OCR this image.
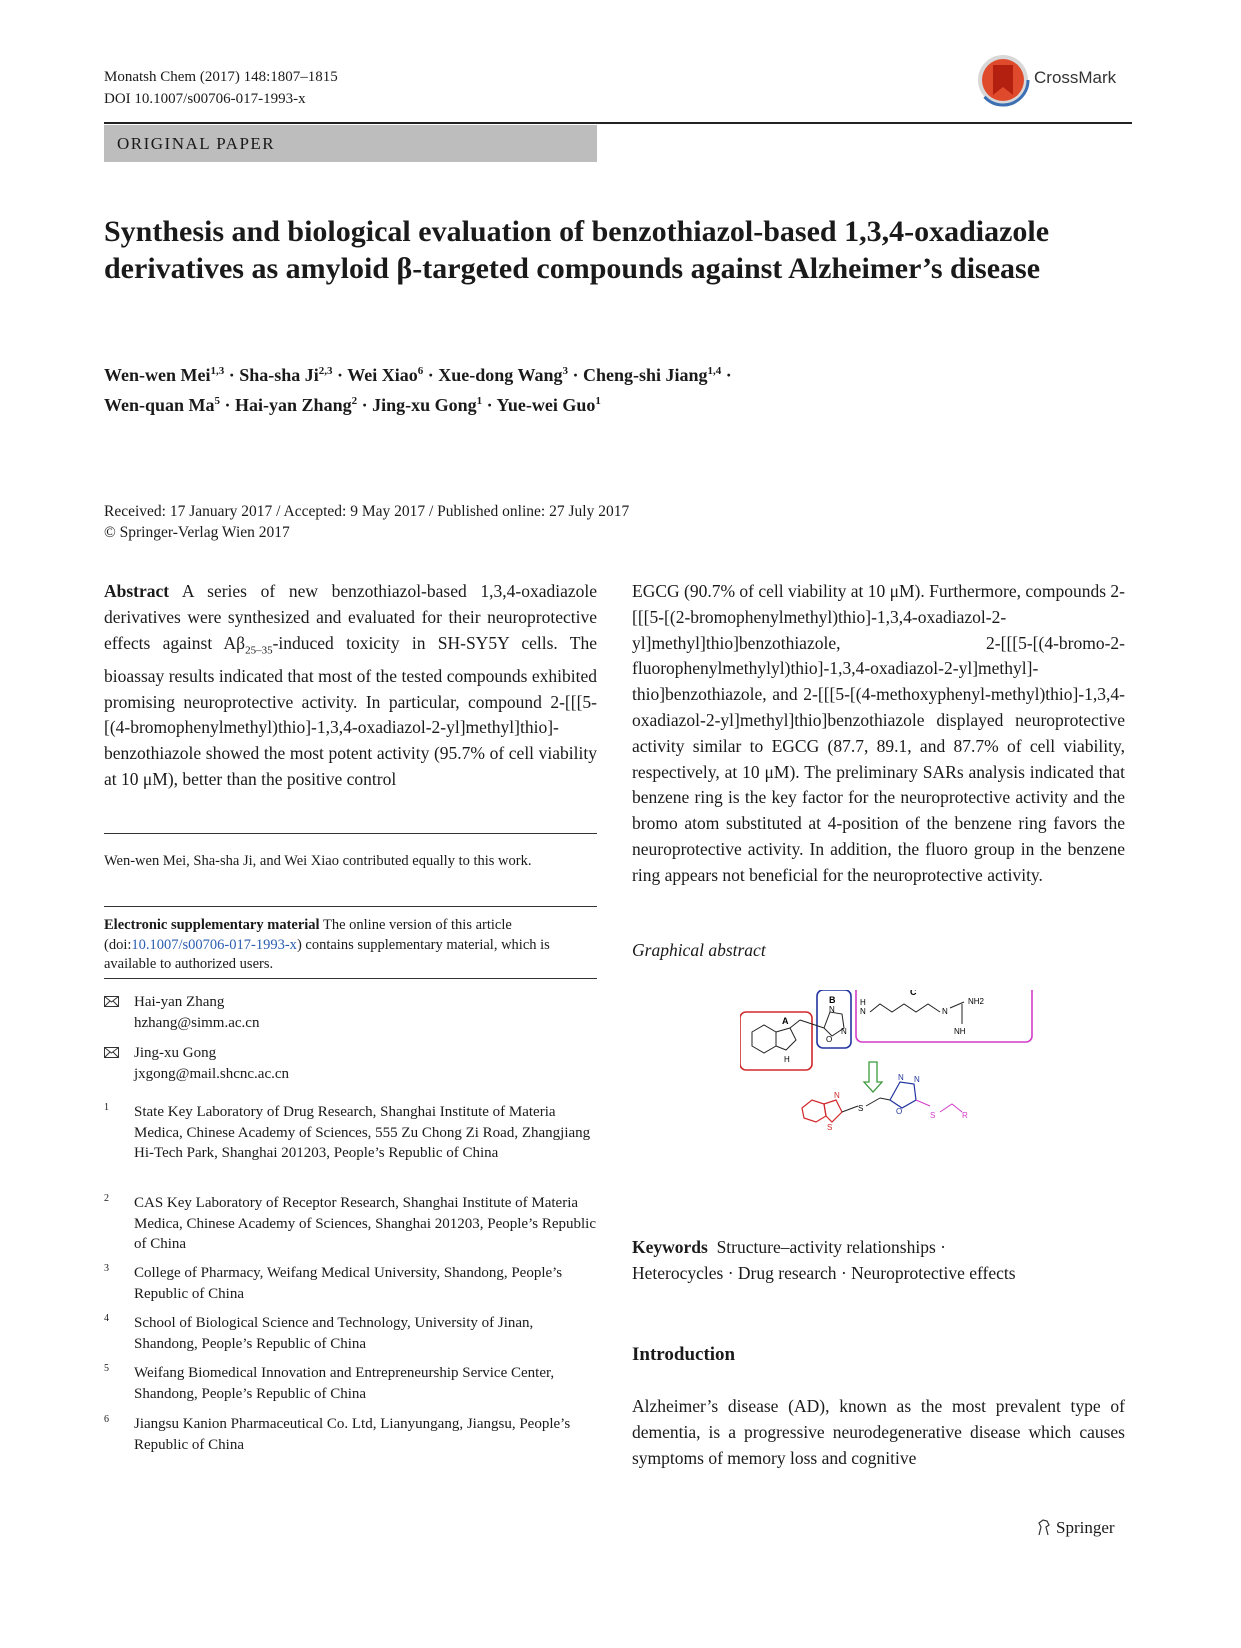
Monatsh Chem (2017) 148:1807–1815
DOI 10.1007/s00706-017-1993-x
CrossMark
ORIGINAL PAPER
Synthesis and biological evaluation of benzothiazol-based 1,3,4-oxadiazole derivatives as amyloid β-targeted compounds against Alzheimer’s disease
Wen-wen Mei$^{1,3}$ · Sha-sha Ji$^{2,3}$ · Wei Xiao$^6$ · Xue-dong Wang$^3$ · Cheng-shi Jiang$^{1,4}$ ·
Wen-quan $Ma^5 \cdot Hai-yan$ Zhang$^2$ · Jing-xu Gong$^1$ · Yue-wei Guo$^1$
Received: 17 January 2017 / Accepted: 9 May 2017 / Published online: 27 July 2017
© Springer-Verlag Wien 2017
Abstract A series of new benzothiazol-based 1,3,4-oxadiazole derivatives were synthesized and evaluated for their neuroprotective effects against $A\beta_{25-35}$-induced toxicity in SH-SY5Y cells. The bioassay results indicated that most of the tested compounds exhibited promising neuroprotective activity. In particular, compound 2-[[[5-[(4-bromophenylmethyl)thio]-1,3,4-oxadiazol-2-yl]methyl]thio]-benzothiazole showed the most potent activity (95.7% of cell viability at 10 μM), better than the positive control
Wen-wen Mei, Sha-sha Ji, and Wei Xiao contributed equally to this work.
Electronic supplementary material The online version of this article (doi:10.1007/s00706-017-1993-x) contains supplementary material, which is available to authorized users.
Hai-yan Zhang
hzhang@simm.ac.cn
Jing-xu Gong
jxgong@mail.shcnc.ac.cn
1 State Key Laboratory of Drug Research, Shanghai Institute of Materia Medica, Chinese Academy of Sciences, 555 Zu Chong Zi Road, Zhangjiang Hi-Tech Park, Shanghai 201203, People’s Republic of China
2 CAS Key Laboratory of Receptor Research, Shanghai Institute of Materia Medica, Chinese Academy of Sciences, Shanghai 201203, People’s Republic of China
3 College of Pharmacy, Weifang Medical University, Shandong, People’s Republic of China
4 School of Biological Science and Technology, University of Jinan, Shandong, People’s Republic of China
5 Weifang Biomedical Innovation and Entrepreneurship Service Center, Shandong, People’s Republic of China
6 Jiangsu Kanion Pharmaceutical Co. Ltd, Lianyungang, Jiangsu, People’s Republic of China
EGCG (90.7% of cell viability at 10 μM). Furthermore, compounds 2-[[[5-[(2-bromophenylmethyl)thio]-1,3,4-oxadiazol-2-yl]methyl]thio]benzothiazole, 2-[[[5-[(4-bromo-2-fluorophenylmethylyl)thio]-1,3,4-oxadiazol-2-yl]methyl]-thio]benzothiazole, and 2-[[[5-[(4-methoxyphenyl-methyl)thio]-1,3,4-oxadiazol-2-yl]methyl]thio]benzothiazole displayed neuroprotective activity similar to EGCG (87.7, 89.1, and 87.7% of cell viability, respectively, at 10 μM). The preliminary SARs analysis indicated that benzene ring is the key factor for the neuroprotective activity and the bromo atom substituted at 4-position of the benzene ring favors the neuroprotective activity. In addition, the fluoro group in the benzene ring appears not beneficial for the neuroprotective activity.
Graphical abstract
A
H
B
N
O
N
C
H
N	N
NH2
NH
N
S
S
N N
O	S	R
Keywords Structure–activity relationships ·
Heterocycles · Drug research · Neuroprotective effects
Introduction
Alzheimer’s disease (AD), known as the most prevalent type of dementia, is a progressive neurodegenerative disease which causes symptoms of memory loss and cognitive
Springer
